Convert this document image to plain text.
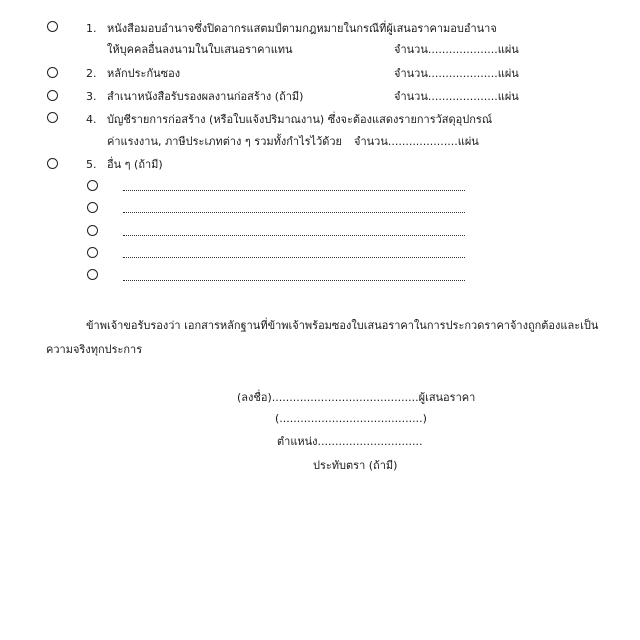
1. หนังสือมอบอำนาจซึ่งปิดอากรแสตมป์ตามกฎหมายในกรณีที่ผู้เสนอราคามอบอำนาจ
ให้บุคคลอื่นลงนามในใบเสนอราคาแทน	จำนวน....................แผ่น
2. หลักประกันซอง	จำนวน....................แผ่น
3. สำเนาหนังสือรับรองผลงานก่อสร้าง (ถ้ามี)	จำนวน....................แผ่น
4. บัญชีรายการก่อสร้าง (หรือใบแจ้งปริมาณงาน) ซึ่งจะต้องแสดงรายการวัสดุอุปกรณ์
ค่าแรงงาน, ภาษีประเภทต่าง ๆ รวมทั้งกำไรไว้ด้วย จำนวน....................แผ่น
5. อื่น ๆ (ถ้ามี)
ข้าพเจ้าขอรับรองว่า เอกสารหลักฐานที่ข้าพเจ้าพร้อมซองใบเสนอราคาในการประกวดราคาจ้างถูกต้องและเป็น
ความจริงทุกประการ
(ลงชื่อ)..........................................ผู้เสนอราคา
(.........................................)
ตำแหน่ง..............................
ประทับตรา (ถ้ามี)
